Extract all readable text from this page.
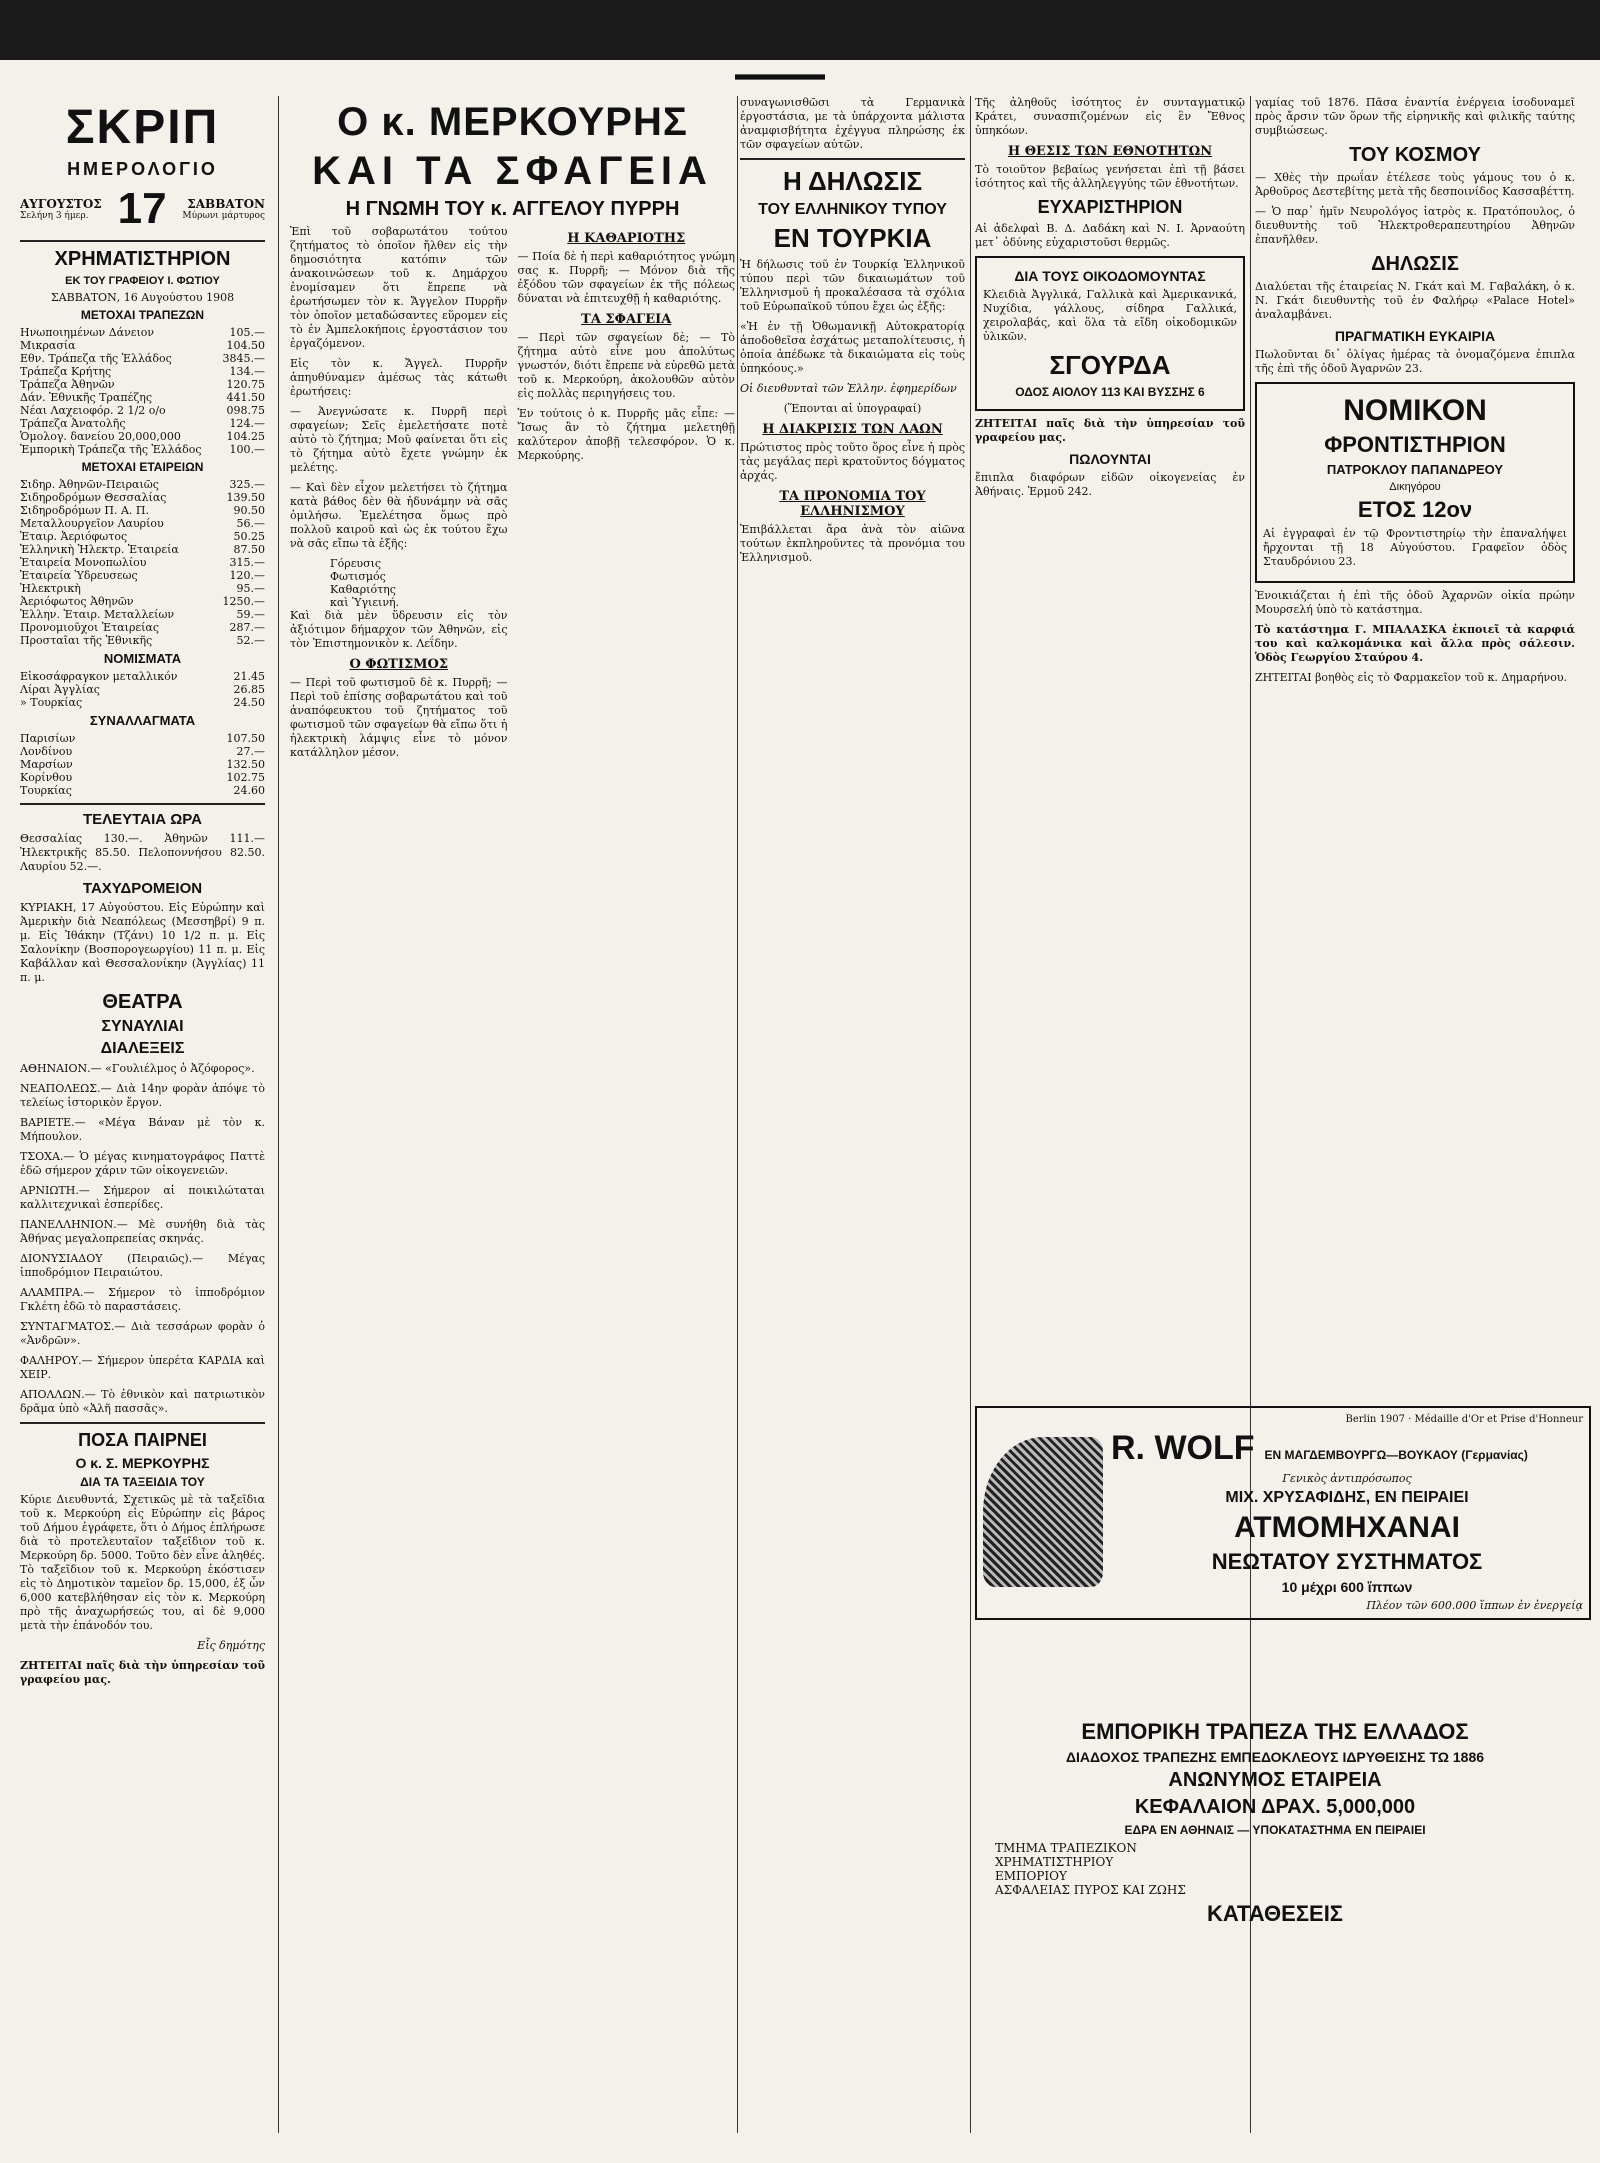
ΣΚΡΙΠ
ΗΜΕΡΟΛΟΓΙΟ
ΑΥΓΟΥΣΤΟΣ
Σελήνη 3 ήμερ. 17	ΣΑΒΒΑΤΟΝ
Μύρωνι μάρτυρος
ΧΡΗΜΑΤΙΣΤΗΡΙΟΝ
ΕΚ ΤΟΥ ΓΡΑΦΕΙΟΥ Ι. ΦΩΤΙΟΥ
ΣΑΒΒΑΤΟΝ, 16 Αυγούστου 1908
ΜΕΤΟΧΑΙ ΤΡΑΠΕΖΩΝ
Ηνωποιημένων Δάνειον	105.—
Μικρασία	104.50
Εθν. Τράπεζα τῆς Ἑλλάδος	3845.—
Τράπεζα Κρήτης	134.—
Τράπεζα Ἀθηνῶν	120.75
Δάν. Ἐθνικῆς Τραπέζης	441.50
Νέαι Λαχειοφόρ. 2 1/2 ο/ο	098.75
Τράπεζα Ἀνατολῆς	124.—
Ὁμολογ. δανείου 20,000,000	104.25
Ἐμπορικὴ Τράπεζα τῆς Ἑλλάδος	100.—
ΜΕΤΟΧΑΙ ΕΤΑΙΡΕΙΩΝ
Σιδηρ. Ἀθηνῶν-Πειραιῶς	325.—
Σιδηροδρόμων Θεσσαλίας	139.50
Σιδηροδρόμων Π. Α. Π.	90.50
Μεταλλουργεῖον Λαυρίου	56.—
Ἑταιρ. Ἀεριόφωτος	50.25
Ἑλληνικὴ Ἠλεκτρ. Ἑταιρεία	87.50
Ἑταιρεία Μονοπωλίου	315.—
Ἑταιρεία Ὑδρευσεως	120.—
Ἠλεκτρικὴ	95.—
Ἀεριόφωτος Ἀθηνῶν	1250.—
Ἑλλην. Ἑταιρ. Μεταλλείων	59.—
Πρoνομιοῦχοι Ἑταιρείας	287.—
Προσταῖαι τῆς Ἐθνικῆς	52.—
ΝΟΜΙΣΜΑΤΑ
Εἰκοσάφραγκον μεταλλικόν	21.45
Λίραι Ἀγγλίας	26.85
» Τουρκίας	24.50
ΣΥΝΑΛΛΑΓΜΑΤΑ
Παρισίων	107.50
Λονδίνου	27.—
Μαρσίων	132.50
Κορίνθου	102.75
Τουρκίας	24.60
ΤΕΛΕΥΤΑΙΑ ΩΡΑ

Θεσσαλίας 130.—. Ἀθηνῶν 111.— Ἠλεκτρικῆς 85.50. Πελοποννήσου 82.50. Λαυρίου 52.—.

ΤΑΧΥΔΡΟΜΕΙΟΝ

ΚΥΡΙΑΚΗ, 17 Αὐγούστου. Εἰς Εὐρώπην καὶ Ἀμερικὴν διὰ Νεαπόλεως (Μεσσηβρί) 9 π. μ. Εἰς Ἰθάκην (Τζάνι) 10 1/2 π. μ. Εἰς Σαλονίκην (Βοσπορογεωργίου) 11 π. μ. Εἰς Καβάλλαν καὶ Θεσσαλονίκην (Ἀγγλίας) 11 π. μ.

ΘΕΑΤΡΑ
ΣΥΝΑΥΛΙΑΙ
ΔΙΑΛΕΞΕΙΣ

ΑΘΗΝΑΙΟΝ.— «Γουλιέλμος ὁ Ἀζόφορος».

ΝΕΑΠΟΛΕΩΣ.— Διὰ 14ην φορὰν ἀπόψε τὸ τελείως ἱστορικὸν ἔργον.

ΒΑΡΙΕΤΕ.— «Μέγα Βάναν μὲ τὸν κ. Μήπουλον.

ΤΣΟΧΑ.— Ὁ μέγας κινηματογράφος Παττὲ ἐδῶ σήμερον χάριν τῶν οἰκογενειῶν.

ΑΡΝΙΩΤΗ.— Σήμερον αἱ ποικιλώταται καλλιτεχνικαὶ ἐσπερίδες.

ΠΑΝΕΛΛΗΝΙΟΝ.— Μὲ συνήθη διὰ τὰς Ἀθήνας μεγαλοπρεπείας σκηνάς.

ΔΙΟΝΥΣΙΑΔΟΥ (Πειραιῶς).— Μέγας ἱπποδρόμιον Πειραιώτου.

ΑΛΑΜΠΡΑ.— Σήμερον τὸ ἱπποδρόμιον Γκλέτη ἐδῶ τὸ παραστάσεις.

ΣΥΝΤΑΓΜΑΤΟΣ.— Διὰ τεσσάρων φορὰν ὁ «Ἀνδρῶν».

ΦΑΛΗΡΟΥ.— Σήμερον ὑπερέτα ΚΑΡΔΙΑ καὶ ΧΕΙΡ.

ΑΠΟΛΛΩΝ.— Τὸ ἐθνικὸν καὶ πατριωτικὸν δρᾶμα ὑπὸ «Ἀλῆ πασσᾶς».

ΠΟΣΑ ΠΑΙΡΝΕΙ
Ο κ. Σ. ΜΕΡΚΟΥΡΗΣ
ΔΙΑ ΤΑ ΤΑΞΕΙΔΙΑ ΤΟΥ

Κύριε Διευθυντά, Σχετικῶς μὲ τὰ ταξεῖδια τοῦ κ. Μερκούρη εἰς Εὐρώπην εἰς βάρος τοῦ Δήμου ἐγράφετε, ὅτι ὁ Δήμος ἐπλήρωσε διὰ τὸ προτελευταῖον ταξεῖδιον τοῦ κ. Μερκούρη δρ. 5000. Τοῦτο δὲν εἶνε ἀληθές. Τὸ ταξεῖδιον τοῦ κ. Μερκούρη ἐκόστισεν εἰς τὸ Δημοτικὸν ταμεῖον δρ. 15,000, ἐξ ὧν 6,000 κατεβλήθησαν εἰς τὸν κ. Μερκούρη πρὸ τῆς ἀναχωρήσεώς του, αἱ δὲ 9,000 μετὰ τὴν ἐπάνοδόν του.

Εἷς δημότης

ΖΗΤΕΙΤΑΙ παῖς διὰ τὴν ὑπηρεσίαν τοῦ γραφείου μας.

Ο κ. ΜΕΡΚΟΥΡΗΣ
ΚΑΙ ΤΑ ΣΦΑΓΕΙΑ
Η ΓΝΩΜΗ ΤΟΥ κ. ΑΓΓΕΛΟΥ ΠΥΡΡΗ

Ἐπὶ τοῦ σοβαρωτάτου τούτου ζητήματος τὸ ὁποῖον ἤλθεν εἰς τὴν δημοσιότητα κατόπιν τῶν ἀνακοινώσεων τοῦ κ. Δημάρχου ἐνομίσαμεν ὅτι ἔπρεπε νὰ ἐρωτήσωμεν τὸν κ. Ἄγγελον Πυρρῆν τὸν ὁποῖον μεταδώσαντες εὕρομεν εἰς τὸ ἐν Ἀμπελοκήποις ἐργοστάσιον του ἐργαζόμενον.

Εἰς τὸν κ. Ἄγγελ. Πυρρῆν ἀπηυθύναμεν ἀμέσως τὰς κάτωθι ἐρωτήσεις:

— Ἀνεγνώσατε κ. Πυρρῆ περὶ σφαγείων; Σεῖς ἐμελετήσατε ποτὲ αὐτὸ τὸ ζήτημα; Μοῦ φαίνεται ὅτι εἰς τὸ ζήτημα αὐτὸ ἔχετε γνώμην ἐκ μελέτης.

— Καὶ δὲν εἶχον μελετήσει τὸ ζήτημα κατὰ βάθος δὲν θὰ ἠδυνάμην νὰ σᾶς ὁμιλήσω. Ἐμελέτησα ὅμως πρὸ πολλοῦ καιροῦ καὶ ὡς ἐκ τούτου ἔχω νὰ σᾶς εἴπω τὰ ἐξῆς:

Γόρευσις
Φωτισμός
Καθαριότης
καὶ Ὑγιεινή.

Καὶ διὰ μὲν ὕδρευσιν εἰς τὸν ἀξιότιμον δήμαρχον τῶν Ἀθηνῶν, εἰς τὸν Ἐπιστημονικὸν κ. Λεΐδην.

Ο ΦΩΤΙΣΜΟΣ

— Περὶ τοῦ φωτισμοῦ δὲ κ. Πυρρῆ; — Περὶ τοῦ ἐπίσης σοβαρωτάτου καὶ τοῦ ἀναπόφευκτου τοῦ ζητήματος τοῦ φωτισμοῦ τῶν σφαγείων θὰ εἴπω ὅτι ἡ ἡλεκτρικὴ λάμψις εἶνε τὸ μόνον κατάλληλον μέσον.

Η ΚΑΘΑΡΙΟΤΗΣ

— Ποία δὲ ἡ περὶ καθαριότητος γνώμη σας κ. Πυρρῆ; — Μόνον διὰ τῆς ἐξόδου τῶν σφαγείων ἐκ τῆς πόλεως δύναται νὰ ἐπιτευχθῇ ἡ καθαριότης.

ΤΑ ΣΦΑΓΕΙΑ

— Περὶ τῶν σφαγείων δὲ; — Τὸ ζήτημα αὐτὸ εἶνε μου ἀπολύτως γνωστόν, διότι ἔπρεπε νὰ εὑρεθῶ μετὰ τοῦ κ. Μερκούρη, ἀκολουθῶν αὐτὸν εἰς πολλὰς περιηγήσεις του.

Ἐν τούτοις ὁ κ. Πυρρῆς μᾶς εἶπε: — Ἴσως ἂν τὸ ζήτημα μελετηθῇ καλύτερον ἀποβῇ τελεσφόρον. Ὁ κ. Μερκούρης.

συναγωνισθῶσι τὰ Γερμανικὰ ἐργοστάσια, με τὰ ὑπάρχοντα μάλιστα ἀναμφισβήτητα ἐχέγγυα πληρώσης ἐκ τῶν σφαγείων αὐτῶν.

Η ΔΗΛΩΣΙΣ
ΤΟΥ ΕΛΛΗΝΙΚΟΥ ΤΥΠΟΥ
ΕΝ ΤΟΥΡΚΙΑ

Ἡ δήλωσις τοῦ ἐν Τουρκίᾳ Ἑλληνικοῦ τύπου περὶ τῶν δικαιωμάτων τοῦ Ἑλληνισμοῦ ἡ προκαλέσασα τὰ σχόλια τοῦ Εὐρωπαϊκοῦ τύπου ἔχει ὡς ἑξῆς:

«Ἡ ἐν τῇ Ὀθωμανικῇ Αὐτοκρατορίᾳ ἀποδοθεῖσα ἐσχάτως μεταπολίτευσις, ἡ ὁποία ἀπέδωκε τὰ δικαιώματα εἰς τοὺς ὑπηκόους.»

Οἱ διευθυνταὶ τῶν Ἑλλην. ἐφημερίδων

(Ἕπονται αἱ ὑπογραφαί)

Η ΔΙΑΚΡΙΣΙΣ ΤΩΝ ΛΑΩΝ

Πρώτιστος πρὸς τοῦτο ὅρος εἶνε ἡ πρὸς τὰς μεγάλας περὶ κρατοῦντος δόγματος ἀρχάς.

ΤΑ ΠΡΟΝΟΜΙΑ ΤΟΥ ΕΛΛΗΝΙΣΜΟΥ

Ἐπιβάλλεται ἄρα ἀνὰ τὸν αἰῶνα τούτων ἐκπληροῦντες τὰ προνόμια του Ἑλληνισμοῦ.

Τῆς ἀληθοῦς ἰσότητος ἐν συνταγματικῷ Κράτει, συνασπιζομένων εἰς ἓν Ἔθνος ὑπηκόων.

Η ΘΕΣΙΣ ΤΩΝ ΕΘΝΟΤΗΤΩΝ

Τὸ τοιοῦτον βεβαίως γενήσεται ἐπὶ τῇ βάσει ἰσότητος καὶ τῆς ἀλληλεγγύης τῶν ἐθνοτήτων.

ΕΥΧΑΡΙΣΤΗΡΙΟΝ

Αἱ ἀδελφαὶ Β. Δ. Δαδάκη καὶ Ν. Ι. Ἀρναούτη μετ᾽ ὀδύνης εὐχαριστοῦσι θερμῶς.

ΔΙΑ ΤΟΥΣ ΟΙΚΟΔΟΜΟΥΝΤΑΣ

Κλειδιὰ Ἀγγλικά, Γαλλικὰ καὶ Ἀμερικανικά, Νυχίδια, γάλλους, σίδηρα Γαλλικά, χειρολαβάς, καὶ ὅλα τὰ εἴδη οἰκοδομικῶν ὑλικῶν.

ΣΓΟΥΡΔΑ
ΟΔΟΣ ΑΙΟΛΟΥ 113 ΚΑΙ ΒΥΣΣΗΣ 6

ΖΗΤΕΙΤΑΙ παῖς διὰ τὴν ὑπηρεσίαν τοῦ γραφείου μας.

ΠΩΛΟΥΝΤΑΙ

ἔπιπλα διαφόρων εἰδῶν οἰκογενείας ἐν Ἀθήναις. Ἐρμοῦ 242.

γαμίας τοῦ 1876. Πᾶσα ἐναντία ἐνέργεια ἰσοδυναμεῖ πρὸς ἄρσιν τῶν ὅρων τῆς εἰρηνικῆς καὶ φιλικῆς ταύτης συμβιώσεως.

ΤΟΥ ΚΟΣΜΟΥ

— Χθὲς τὴν πρωΐαν ἐτέλεσε τοὺς γάμους του ὁ κ. Ἀρθοῦρος Δεστεβίτης μετὰ τῆς δεσποινίδος Κασσαβέττη.

— Ὁ παρ᾽ ἡμῖν Νευρολόγος ἰατρὸς κ. Πρατόπουλος, ὁ διευθυντὴς τοῦ Ἠλεκτροθεραπευτηρίου Ἀθηνῶν ἐπανῆλθεν.

ΔΗΛΩΣΙΣ

Διαλύεται τῆς ἑταιρείας Ν. Γκάτ καὶ Μ. Γαβαλάκη, ὁ κ. Ν. Γκάτ διευθυντὴς τοῦ ἐν Φαλήρῳ «Palace Hotel» ἀναλαμβάνει.

ΠΡΑΓΜΑΤΙΚΗ ΕΥΚΑΙΡΙΑ

Πωλοῦνται δι᾽ ὀλίγας ἡμέρας τὰ ὀνομαζόμενα ἐπιπλα τῆς ἐπὶ τῆς ὁδοῦ Ἀγαρνῶν 23.

ΝΟΜΙΚΟΝ
ΦΡΟΝΤΙΣΤΗΡΙΟΝ
ΠΑΤΡΟΚΛΟΥ ΠΑΠΑΝΔΡΕΟΥ
Δικηγόρου
ΕΤΟΣ 12ον

Αἱ ἐγγραφαὶ ἐν τῷ Φροντιστηρίῳ τὴν ἐπαναλήψει ἤρχονται τῇ 18 Αὐγούστου. Γραφεῖον ὁδὸς Σταυδρόνιου 23.

Ἐνοικιάζεται ἡ ἐπὶ τῆς ὁδοῦ Ἀχαρνῶν οἰκία πρώην Μουρσελή ὑπὸ τὸ κατάστημα.

Τὸ κατάστημα Γ. ΜΠΑΛΑΣΚΑ ἐκποιεῖ τὰ καρφιά του καὶ καλκομάνικα καὶ ἄλλα πρὸς σάλεσιν. Ὁδὸς Γεωργίου Σταύρου 4.

ΖΗΤΕΙΤΑΙ βοηθὸς εἰς τὸ Φαρμακεῖον τοῦ κ. Δημαρήνου.

Berlin 1907 · Médaille d'Or et Prise d'Honneur
R. WOLF ΕΝ ΜΑΓΔΕΜΒΟΥΡΓΩ—ΒΟΥΚΑΟΥ (Γερμανίας)
Γενικὸς ἀντιπρόσωπος
ΜΙΧ. ΧΡΥΣΑΦΙΔΗΣ, ΕΝ ΠΕΙΡΑΙΕΙ
ΑΤΜΟΜΗΧΑΝΑΙ
ΝΕΩΤΑΤΟΥ ΣΥΣΤΗΜΑΤΟΣ
10 μέχρι 600 ἵππων
Πλέον τῶν 600.000 ἵππων ἐν ἐνεργείᾳ
ΕΜΠΟΡΙΚΗ ΤΡΑΠΕΖΑ ΤΗΣ ΕΛΛΑΔΟΣ
ΔΙΑΔΟΧΟΣ ΤΡΑΠΕΖΗΣ ΕΜΠΕΔΟΚΛΕΟΥΣ ΙΔΡΥΘΕΙΣΗΣ ΤΩ 1886
ΑΝΩΝΥΜΟΣ ΕΤΑΙΡΕΙΑ
ΚΕΦΑΛΑΙΟΝ ΔΡΑΧ. 5,000,000
ΕΔΡΑ ΕΝ ΑΘΗΝΑΙΣ — ΥΠΟΚΑΤΑΣΤΗΜΑ ΕΝ ΠΕΙΡΑΙΕΙ
ΤΜΗΜΑ ΤΡΑΠΕΖΙΚΟΝ
ΧΡΗΜΑΤΙΣΤΗΡΙΟΥ
ΕΜΠΟΡΙΟΥ
ΑΣΦΑΛΕΙΑΣ ΠΥΡΟΣ ΚΑΙ ΖΩΗΣ
ΚΑΤΑΘΕΣΕΙΣ
